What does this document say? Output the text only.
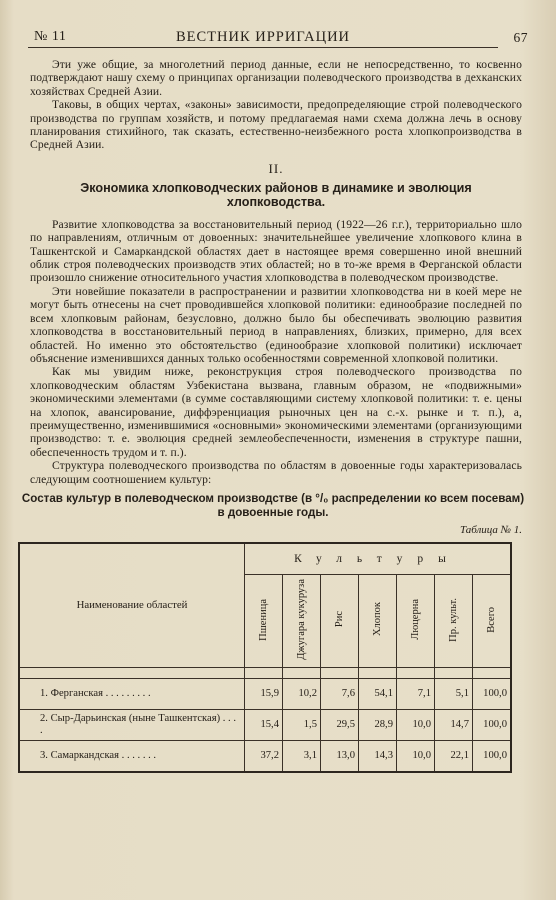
№ 11	ВЕСТНИК ИРРИГАЦИИ	67

Эти уже общие, за многолетний период данные, если не непосредственно, то косвенно подтверждают нашу схему о принципах организации полеводческого производства в дехканских хозяйствах Средней Азии.

Таковы, в общих чертах, «законы» зависимости, предопределяющие строй полеводческого производства по группам хозяйств, и потому предлагаемая нами схема должна лечь в основу планирования стихийного, так сказать, естественно-неизбежного роста хлопкопроизводства в Средней Азии.

II.
Экономика хлопководческих районов в динамике и эволюция хлопководства.

Развитие хлопководства за восстановительный период (1922—26 г.г.), территориально шло по направлениям, отличным от довоенных: значительнейшее увеличение хлопкового клина в Ташкентской и Самаркандской областях дает в настоящее время совершенно иной внешний облик строя полеводческих производств этих областей; но в то-же время в Ферганской области произошло снижение относительного участия хлопководства в полеводческом производстве.

Эти новейшие показатели в распространении и развитии хлопководства ни в коей мере не могут быть отнесены на счет проводившейся хлопковой политики: единообразие последней по всем хлопковым районам, безусловно, должно было бы обеспечивать эволюцию развития хлопководства в восстановительный период в направлениях, близких, примерно, для всех областей. Но именно это обстоятельство (единообразие хлопковой политики) исключает объяснение изменившихся данных только особенностями современной хлопковой политики.

Как мы увидим ниже, реконструкция строя полеводческого производства по хлопководческим областям Узбекистана вызвана, главным образом, не «подвижными» экономическими элементами (в сумме составляющими систему хлопковой политики: т. е. цены на хлопок, авансирование, диффэренциация рыночных цен на с.-х. рынке и т. п.), а, преимущественно, изменившимися «основными» экономическими элементами (организующими производство: т. е. эволюция средней землеобеспеченности, изменения в структуре пашни, обеспеченность трудом и т. п.).

Структура полеводческого производства по областям в довоенные годы характеризовалась следующим соотношением культур:

Состав культур в полеводческом производстве (в °/₀ распределении ко всем посевам) в довоенные годы.
Таблица № 1.
Наименование областей	Культуры						
	Пшеница	Джугара кукуруза	Рис	Хлопок	Люцерна	Пр. культ.	Всего

1. Ферганская . . . . . . . . .	15,9	10,2	7,6	54,1	7,1	5,1	100,0
2. Сыр-Дарьинская (ныне Ташкентская) . . . .	15,4	1,5	29,5	28,9	10,0	14,7	100,0
3. Самаркандская . . . . . . .	37,2	3,1	13,0	14,3	10,0	22,1	100,0
